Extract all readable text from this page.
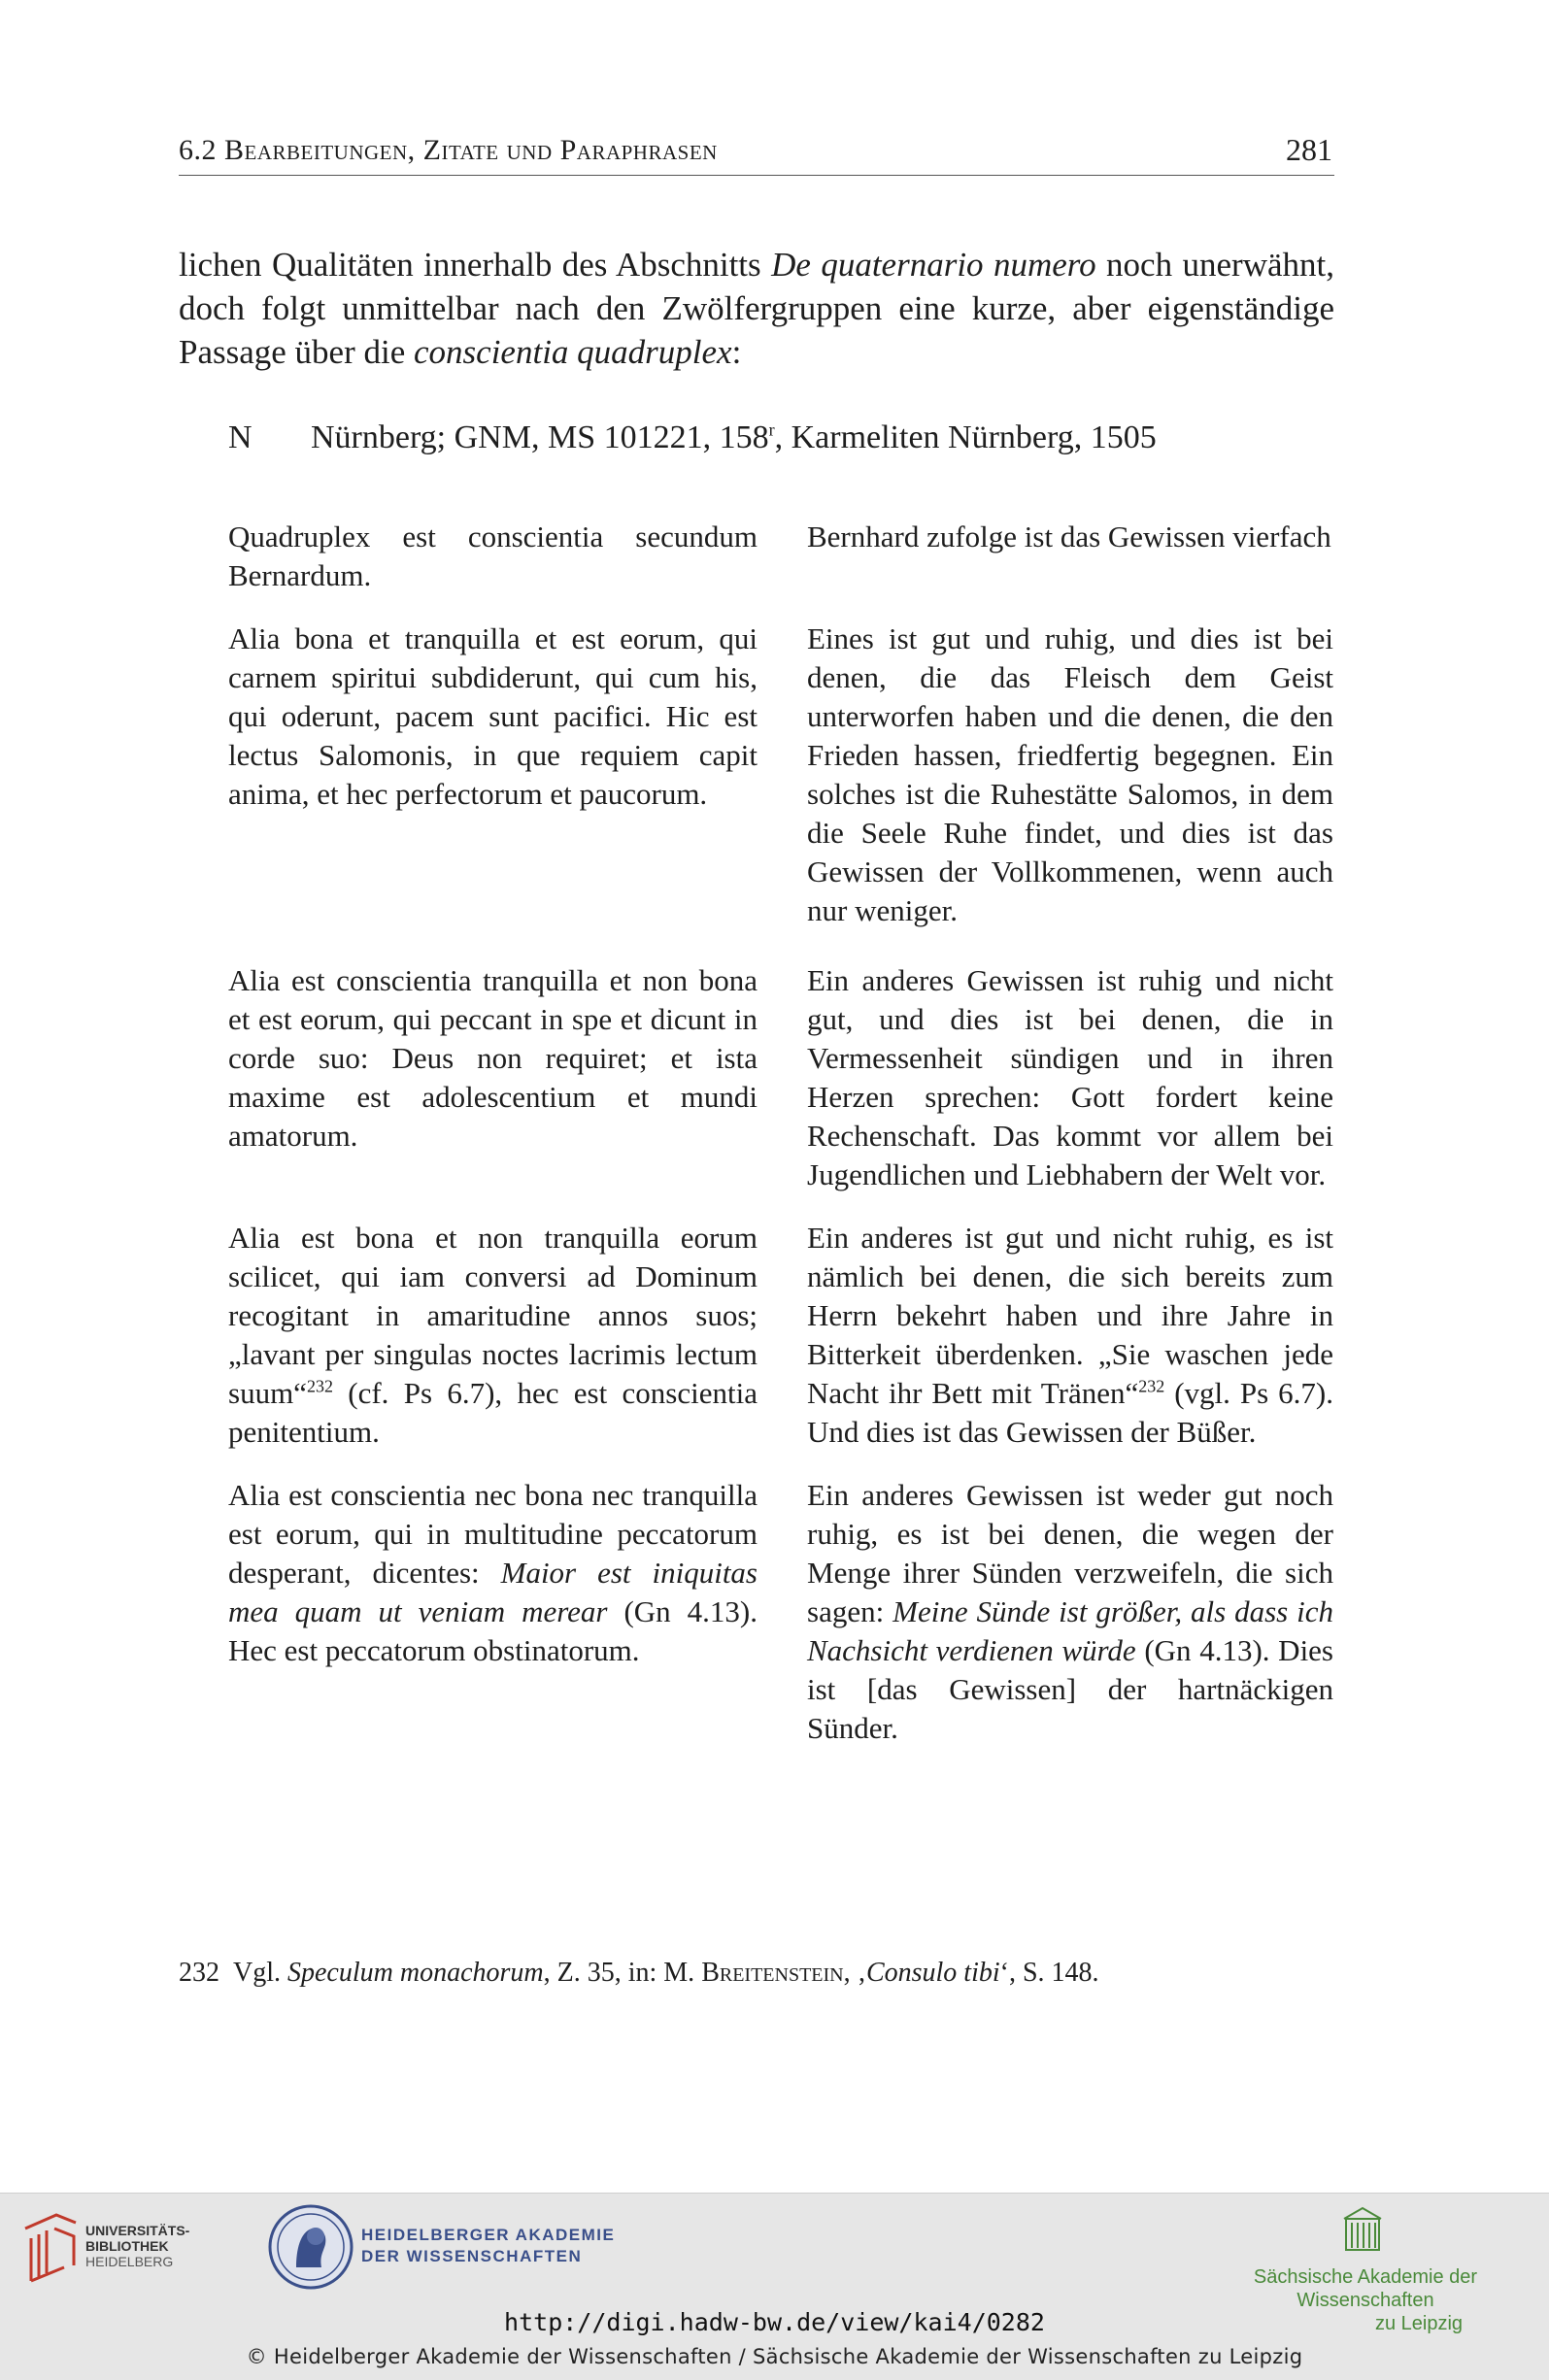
6.2 Bearbeitungen, Zitate und Paraphrasen	281
lichen Qualitäten innerhalb des Abschnitts De quaternario numero noch unerwähnt, doch folgt unmittelbar nach den Zwölfergruppen eine kurze, aber eigenständige Passage über die conscientia quadruplex:
N Nürnberg; GNM, MS 101221, 158$^r$, Karmeliten Nürnberg, 1505
Quadruplex est conscientia secundum Bernardum.
Alia bona et tranquilla et est eorum, qui carnem spiritui subdiderunt, qui cum his, qui oderunt, pacem sunt pacifici. Hic est lectus Salomonis, in que requiem capit anima, et hec perfectorum et paucorum.
Alia est conscientia tranquilla et non bona et est eorum, qui peccant in spe et dicunt in corde suo: Deus non requiret; et ista maxime est adolescentium et mundi amatorum.
Alia est bona et non tranquilla eorum scilicet, qui iam conversi ad Dominum recogitant in amaritudine annos suos; „lavant per singulas noctes lacrimis lectum suum“$^{232}$ (cf. Ps 6.7), hec est conscientia penitentium.
Alia est conscientia nec bona nec tranquilla est eorum, qui in multitudine peccatorum desperant, dicentes: Maior est iniquitas mea quam ut veniam merear (Gn 4.13). Hec est peccatorum obstinatorum.
Bernhard zufolge ist das Gewissen vierfach
Eines ist gut und ruhig, und dies ist bei denen, die das Fleisch dem Geist unterworfen haben und die denen, die den Frieden hassen, friedfertig begegnen. Ein solches ist die Ruhestätte Salomos, in dem die Seele Ruhe findet, und dies ist das Gewissen der Vollkommenen, wenn auch nur weniger.
Ein anderes Gewissen ist ruhig und nicht gut, und dies ist bei denen, die in Vermessenheit sündigen und in ihren Herzen sprechen: Gott fordert keine Rechenschaft. Das kommt vor allem bei Jugendlichen und Liebhabern der Welt vor.
Ein anderes ist gut und nicht ruhig, es ist nämlich bei denen, die sich bereits zum Herrn bekehrt haben und ihre Jahre in Bitterkeit überdenken. „Sie waschen jede Nacht ihr Bett mit Tränen“$^{232}$ (vgl. Ps 6.7). Und dies ist das Gewissen der Büßer.
Ein anderes Gewissen ist weder gut noch ruhig, es ist bei denen, die wegen der Menge ihrer Sünden verzweifeln, die sich sagen: Meine Sünde ist größer, als dass ich Nachsicht verdienen würde (Gn 4.13). Dies ist [das Gewissen] der hartnäckigen Sünder.
232 Vgl. Speculum monachorum, Z. 35, in: M. Breitenstein, ‚Consulo tibi‘, S. 148.
UNIVERSITÄTS-
BIBLIOTHEK
HEIDELBERG
HEIDELBERGER AKADEMIE
DER WISSENSCHAFTEN
Sächsische Akademie der Wissenschaften
zu Leipzig
http://digi.hadw-bw.de/view/kai4/0282
© Heidelberger Akademie der Wissenschaften / Sächsische Akademie der Wissenschaften zu Leipzig
